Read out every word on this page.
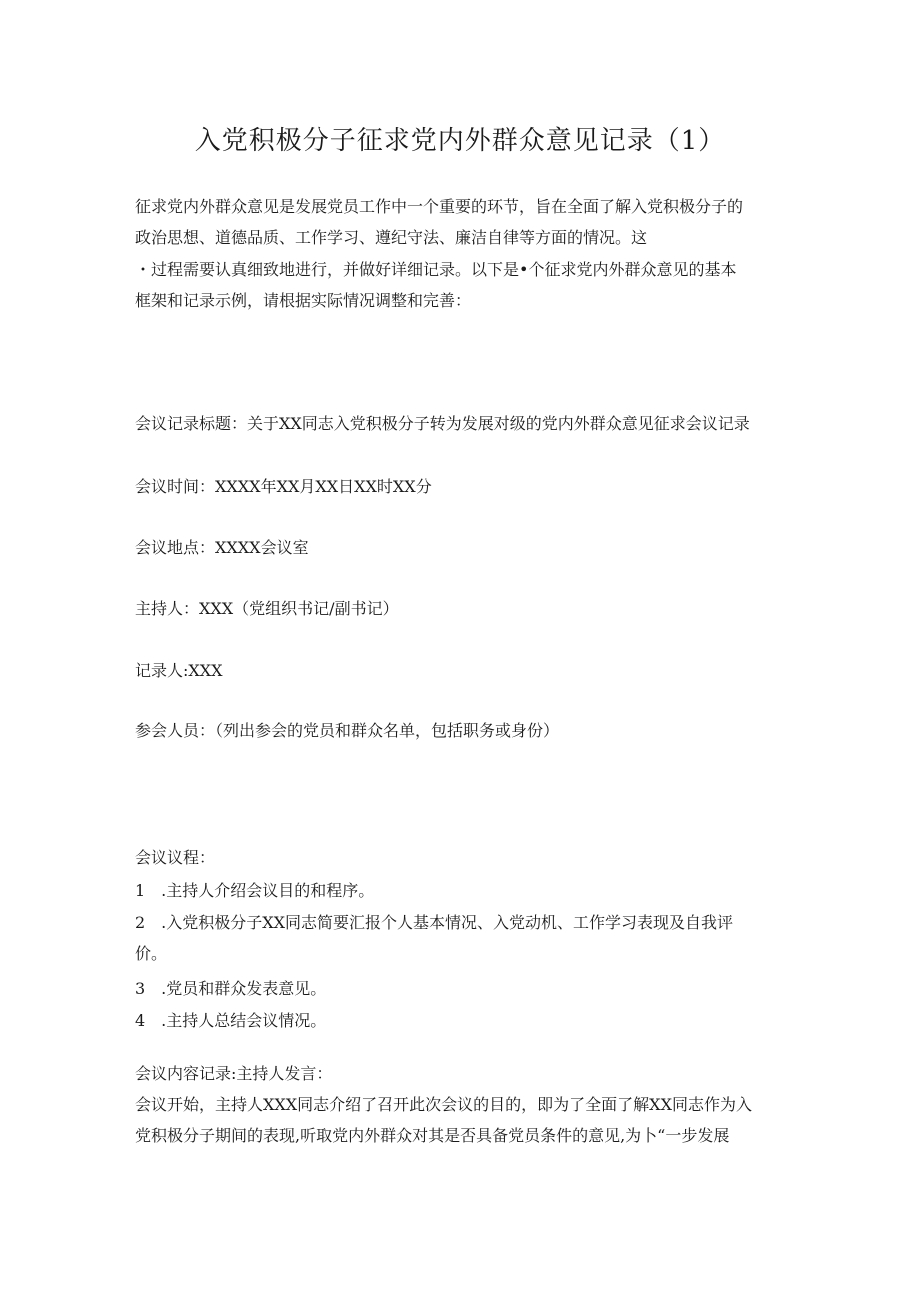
入党积极分子征求党内外群众意见记录（1）
征求党内外群众意见是发展党员工作中一个重要的环节，旨在全面了解入党积极分子的
政治思想、道德品质、工作学习、遵纪守法、廉洁自律等方面的情况。这
・过程需要认真细致地进行，并做好详细记录。以下是•个征求党内外群众意见的基本
框架和记录示例，请根据实际情况调整和完善：
会议记录标题：关于XX同志入党积极分子转为发展对级的党内外群众意见征求会议记录
会议时间：XXXX年XX月XX日XX时XX分
会议地点：XXXX会议室
主持人：XXX（党组织书记/副书记）
记录人:XXX
参会人员：（列出参会的党员和群众名单，包括职务或身份）
会议议程：
1　.主持人介绍会议目的和程序。
2　.入党积极分子XX同志简要汇报个人基本情况、入党动机、工作学习表现及自我评
价。
3　.党员和群众发表意见。
4　.主持人总结会议情况。
会议内容记录:主持人发言：
会议开始，主持人XXX同志介绍了召开此次会议的目的，即为了全面了解XX同志作为入
党积极分子期间的表现,听取党内外群众对其是否具备党员条件的意见,为卜“一步发展
